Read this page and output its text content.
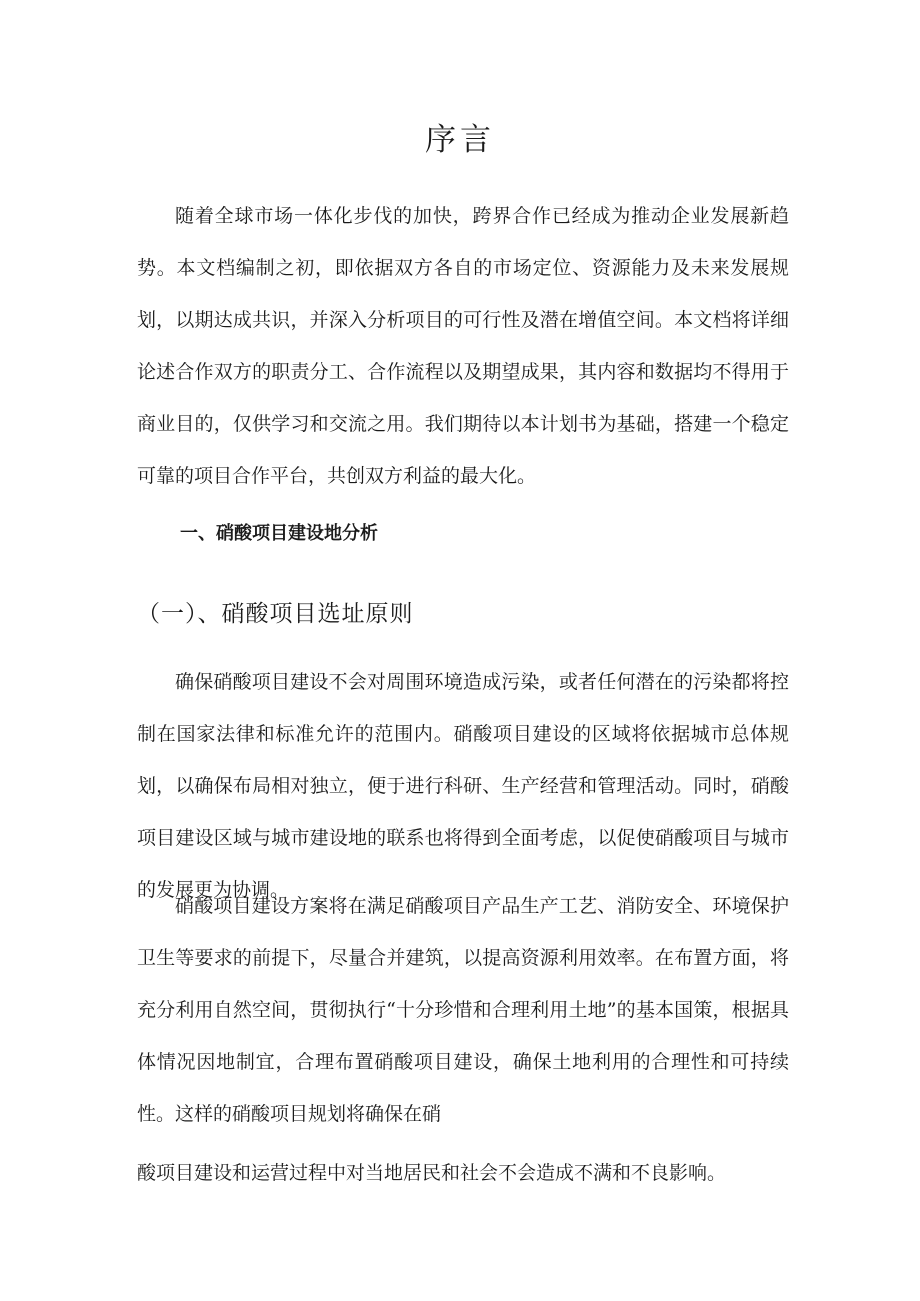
序言

随着全球市场一体化步伐的加快，跨界合作已经成为推动企业发展新趋势。本文档编制之初，即依据双方各自的市场定位、资源能力及未来发展规划，以期达成共识，并深入分析项目的可行性及潜在增值空间。本文档将详细论述合作双方的职责分工、合作流程以及期望成果，其内容和数据均不得用于商业目的，仅供学习和交流之用。我们期待以本计划书为基础，搭建一个稳定可靠的项目合作平台，共创双方利益的最大化。

一、硝酸项目建设地分析
（一）、硝酸项目选址原则

确保硝酸项目建设不会对周围环境造成污染，或者任何潜在的污染都将控制在国家法律和标准允许的范围内。硝酸项目建设的区域将依据城市总体规划，以确保布局相对独立，便于进行科研、生产经营和管理活动。同时，硝酸项目建设区域与城市建设地的联系也将得到全面考虑，以促使硝酸项目与城市的发展更为协调。

硝酸项目建设方案将在满足硝酸项目产品生产工艺、消防安全、环境保护卫生等要求的前提下，尽量合并建筑，以提高资源利用效率。在布置方面，将充分利用自然空间，贯彻执行“十分珍惜和合理利用土地”的基本国策，根据具体情况因地制宜，合理布置硝酸项目建设，确保土地利用的合理性和可持续性。这样的硝酸项目规划将确保在硝

酸项目建设和运营过程中对当地居民和社会不会造成不满和不良影响。
